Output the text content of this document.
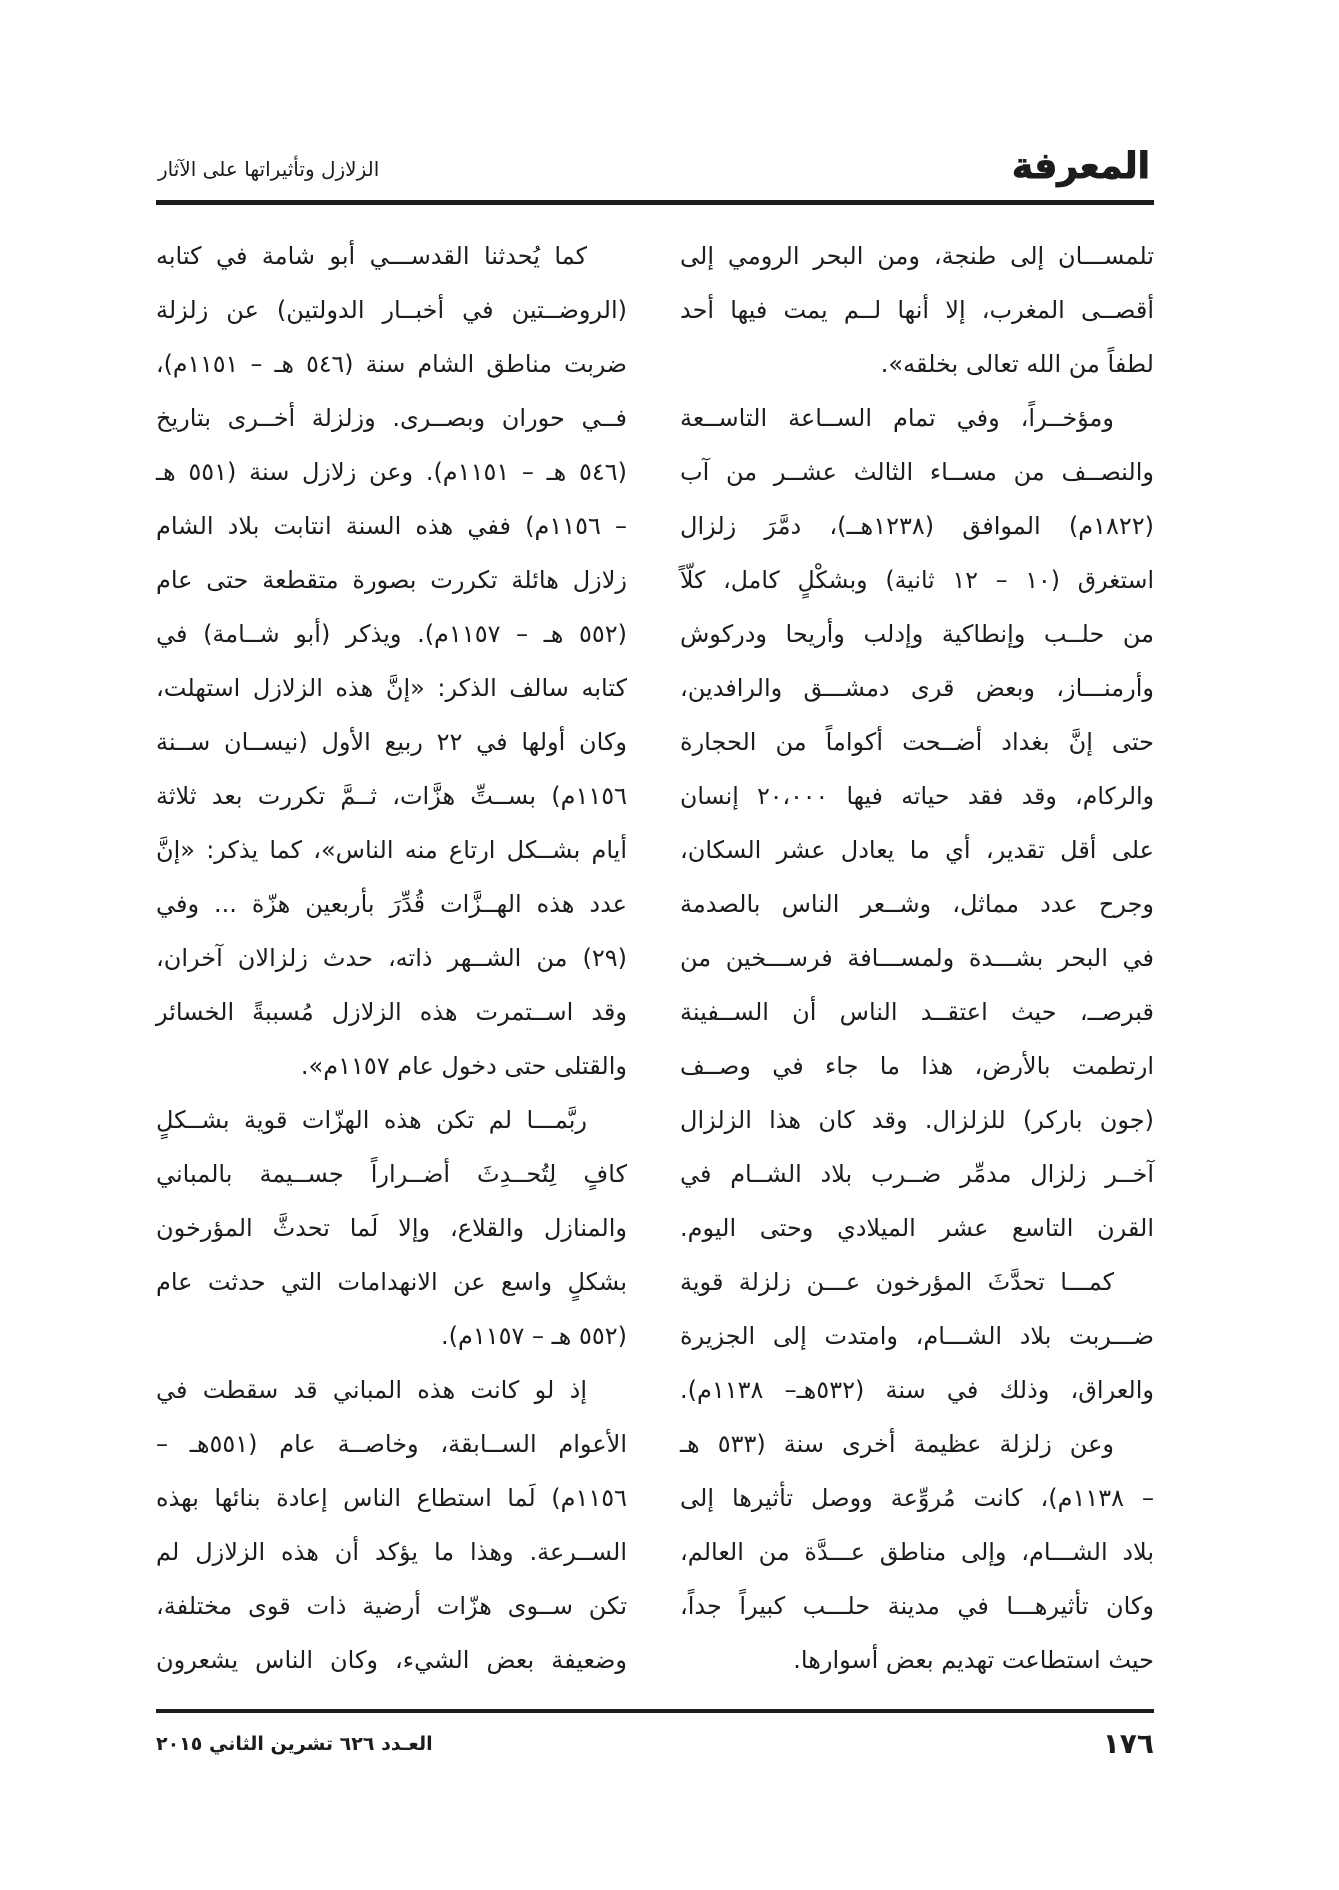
المعرفة
الزلازل وتأثيراتها على الآثار
تلمســـان إلى طنجة، ومن البحر الرومي إلى
أقصــى المغرب، إلا أنها لــم يمت فيها أحد
لطفاً من الله تعالى بخلقه».
ومؤخــراً، وفي تمام الســاعة التاســعة
والنصــف من مســاء الثالث عشــر من آب
(١٨٢٢م) الموافق (١٢٣٨هــ)، دمَّرَ زلزال
استغرق (١٠ – ١٢ ثانية) وبشكْلٍ كامل، كلّاً
من حلــب وإنطاكية وإدلب وأريحا ودركوش
وأرمنـــاز، وبعض قرى دمشـــق والرافدين،
حتى إنَّ بغداد أضــحت أكواماً من الحجارة
والركام، وقد فقد حياته فيها ٢٠،٠٠٠ إنسان
على أقل تقدير، أي ما يعادل عشر السكان،
وجرح عدد مماثل، وشــعر الناس بالصدمة
في البحر بشـــدة ولمســـافة فرســـخين من
قبرصــ، حيث اعتقــد الناس أن الســفينة
ارتطمت بالأرض، هذا ما جاء في وصــف
(جون باركر) للزلزال. وقد كان هذا الزلزال
آخــر زلزال مدمِّر ضــرب بلاد الشــام في
القرن التاسع عشر الميلادي وحتى اليوم.
كمـــا تحدَّثَ المؤرخون عـــن زلزلة قوية
ضـــربت بلاد الشـــام، وامتدت إلى الجزيرة
والعراق، وذلك في سنة (٥٣٢هـ– ١١٣٨م).
وعن زلزلة عظيمة أخرى سنة (٥٣٣ هـ
– ١١٣٨م)، كانت مُروِّعة ووصل تأثيرها إلى
بلاد الشـــام، وإلى مناطق عـــدَّة من العالم،
وكان تأثيرهـــا في مدينة حلـــب كبيراً جداً،
حيث استطاعت تهديم بعض أسوارها.
كما يُحدثنا القدســـي أبو شامة في كتابه
(الروضــتين في أخبــار الدولتين) عن زلزلة
ضربت مناطق الشام سنة (٥٤٦ هـ – ١١٥١م)،
فــي حوران وبصــرى. وزلزلة أخــرى بتاريخ
(٥٤٦ هـ – ١١٥١م). وعن زلازل سنة (٥٥١ هـ
– ١١٥٦م) ففي هذه السنة انتابت بلاد الشام
زلازل هائلة تكررت بصورة متقطعة حتى عام
(٥٥٢ هـ – ١١٥٧م). ويذكر (أبو شــامة) في
كتابه سالف الذكر: «إنَّ هذه الزلازل استهلت،
وكان أولها في ٢٢ ربيع الأول (نيســان ســنة
١١٥٦م) بســتِّ هزَّات، ثــمَّ تكررت بعد ثلاثة
أيام بشــكل ارتاع منه الناس»، كما يذكر: «إنَّ
عدد هذه الهــزَّات قُدِّرَ بأربعين هزّة ... وفي
(٢٩) من الشــهر ذاته، حدث زلزالان آخران،
وقد اســتمرت هذه الزلازل مُسببةً الخسائر
والقتلى حتى دخول عام ١١٥٧م».
ربَّمـــا لم تكن هذه الهزّات قوية بشــكلٍ
كافٍ لِتُحــدِثَ أضــراراً جســيمة بالمباني
والمنازل والقلاع، وإلا لَما تحدثَّ المؤرخون
بشكلٍ واسع عن الانهدامات التي حدثت عام
(٥٥٢ هـ – ١١٥٧م).
إذ لو كانت هذه المباني قد سقطت في
الأعوام الســابقة، وخاصــة عام (٥٥١هـ –
١١٥٦م) لَما استطاع الناس إعادة بنائها بهذه
الســرعة. وهذا ما يؤكد أن هذه الزلازل لم
تكن ســوى هزّات أرضية ذات قوى مختلفة،
وضعيفة بعض الشيء، وكان الناس يشعرون
١٧٦
العـدد ٦٢٦ تشرين الثاني ٢٠١٥
